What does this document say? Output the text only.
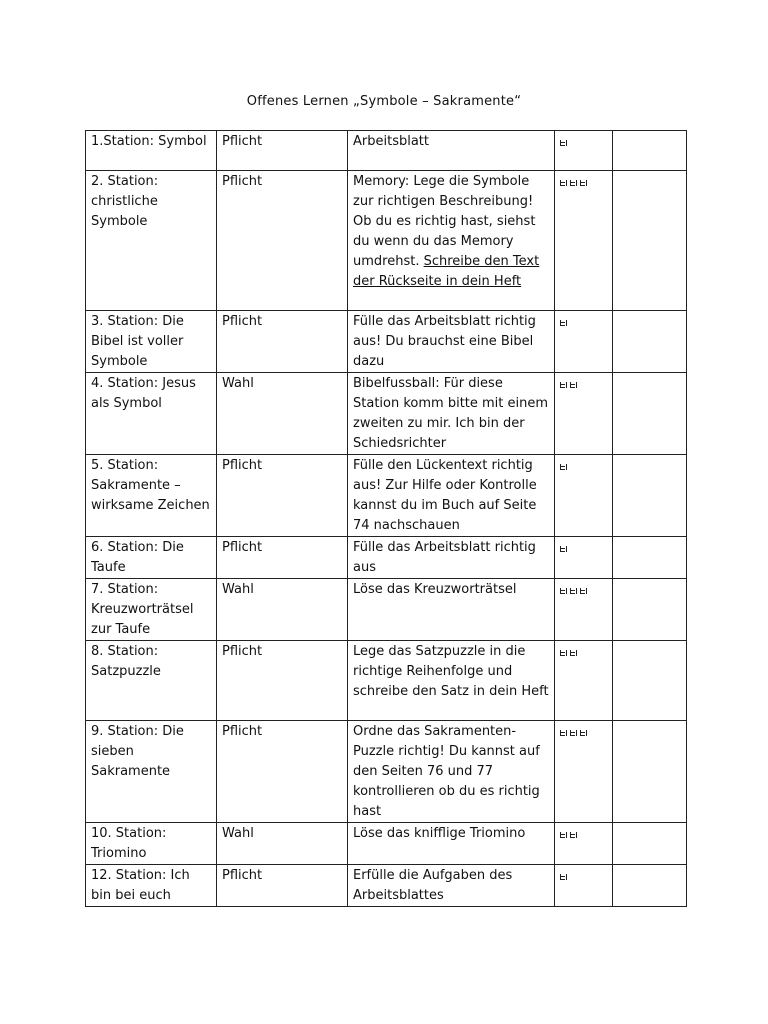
Offenes Lernen „Symbole – Sakramente“
1.Station: Symbol	Pflicht	Arbeitsblatt		
2. Station: christliche Symbole	Pflicht	Memory: Lege die Symbole zur richtigen Beschreibung! Ob du es richtig hast, siehst du wenn du das Memory umdrehst. Schreibe den Text der Rückseite in dein Heft		
3. Station: Die Bibel ist voller Symbole	Pflicht	Fülle das Arbeitsblatt richtig aus! Du brauchst eine Bibel dazu		
4. Station: Jesus als Symbol	Wahl	Bibelfussball: Für diese Station komm bitte mit einem zweiten zu mir. Ich bin der Schiedsrichter		
5. Station: Sakramente – wirksame Zeichen	Pflicht	Fülle den Lückentext richtig aus! Zur Hilfe oder Kontrolle kannst du im Buch auf Seite 74 nachschauen		
6. Station: Die Taufe	Pflicht	Fülle das Arbeitsblatt richtig aus		
7. Station: Kreuzworträtsel zur Taufe	Wahl	Löse das Kreuzworträtsel		
8. Station: Satzpuzzle	Pflicht	Lege das Satzpuzzle in die richtige Reihenfolge und schreibe den Satz in dein Heft		
9. Station: Die sieben Sakramente	Pflicht	Ordne das Sakramenten-Puzzle richtig! Du kannst auf den Seiten 76 und 77 kontrollieren ob du es richtig hast		
10. Station: Triomino	Wahl	Löse das knifflige Triomino		
12. Station: Ich bin bei euch	Pflicht	Erfülle die Aufgaben des Arbeitsblattes		
